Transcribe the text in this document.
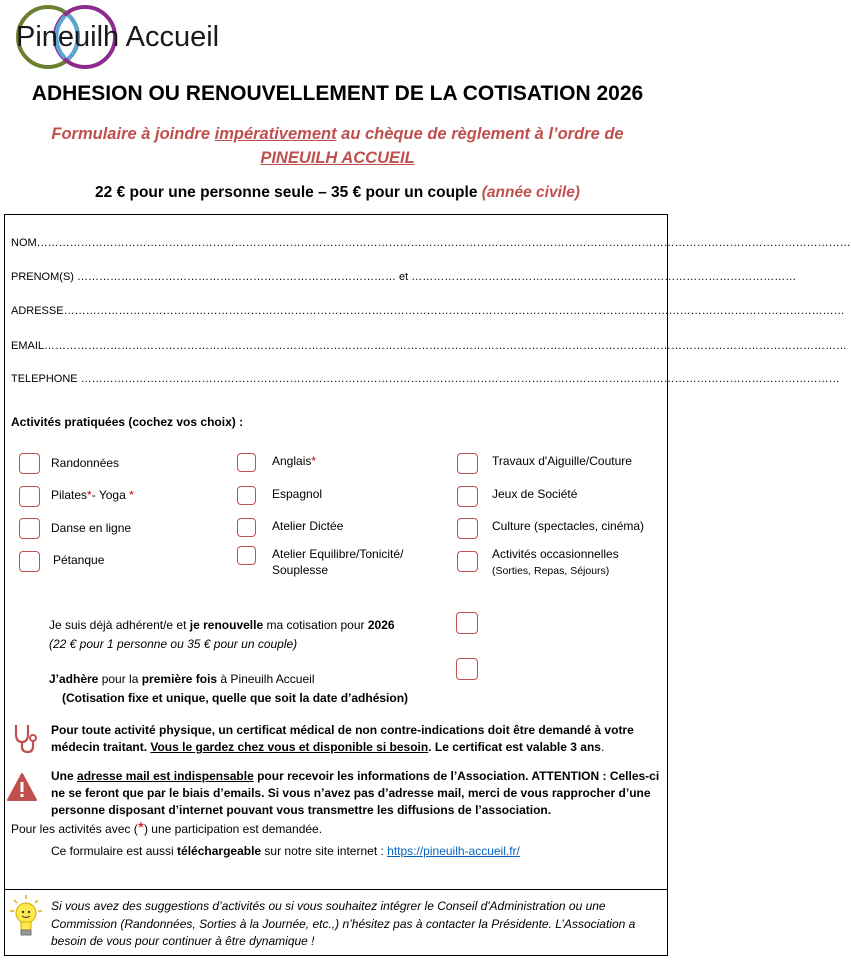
Pineuilh Accueil
ADHESION OU RENOUVELLEMENT DE LA COTISATION 2026
Formulaire à joindre impérativement au chèque de règlement à l’ordre de
PINEUILH ACCUEIL
22 € pour une personne seule – 35 € pour un couple (année civile)
NOM……………………………………………………………………………………………………………………………………………………………………………………………………
PRENOM(S) …………………………………………………………………………… et ……………………………………………………………………………………………
ADRESSE……………………………………………………………………………………………………………………………………………………………………………………………
EMAIL…………………………………………………………………………………………………………………………………………………………………………………………………
TELEPHONE ………………………………………………………………………………………………………………………………………………………………………………………
Activités pratiquées (cochez vos choix) :
Randonnées
Pilates*- Yoga *
Danse en ligne
Pétanque
Anglais*
Espagnol
Atelier Dictée
Atelier Equilibre/Tonicité/
Souplesse
Travaux d'Aiguille/Couture
Jeux de Société
Culture (spectacles, cinéma)
Activités occasionnelles
(Sorties, Repas, Séjours)
Je suis déjà adhérent/e et je renouvelle ma cotisation pour 2026
(22 € pour 1 personne ou 35 € pour un couple)
J’adhère pour la première fois à Pineuilh Accueil
(Cotisation fixe et unique, quelle que soit la date d’adhésion)
Pour toute activité physique, un certificat médical de non contre-indications doit être demandé à votre médecin traitant. Vous le gardez chez vous et disponible si besoin. Le certificat est valable 3 ans.
Une adresse mail est indispensable pour recevoir les informations de l’Association. ATTENTION : Celles-ci ne se feront que par le biais d’emails. Si vous n’avez pas d’adresse mail, merci de vous rapprocher d’une personne disposant d’internet pouvant vous transmettre les diffusions de l’association.
Pour les activités avec (*) une participation est demandée.
Ce formulaire est aussi téléchargeable sur notre site internet : https://pineuilh-accueil.fr/
Si vous avez des suggestions d’activités ou si vous souhaitez intégrer le Conseil d'Administration ou une Commission (Randonnées, Sorties à la Journée, etc.,) n’hésitez pas à contacter la Présidente. L’Association a besoin de vous pour continuer à être dynamique !
